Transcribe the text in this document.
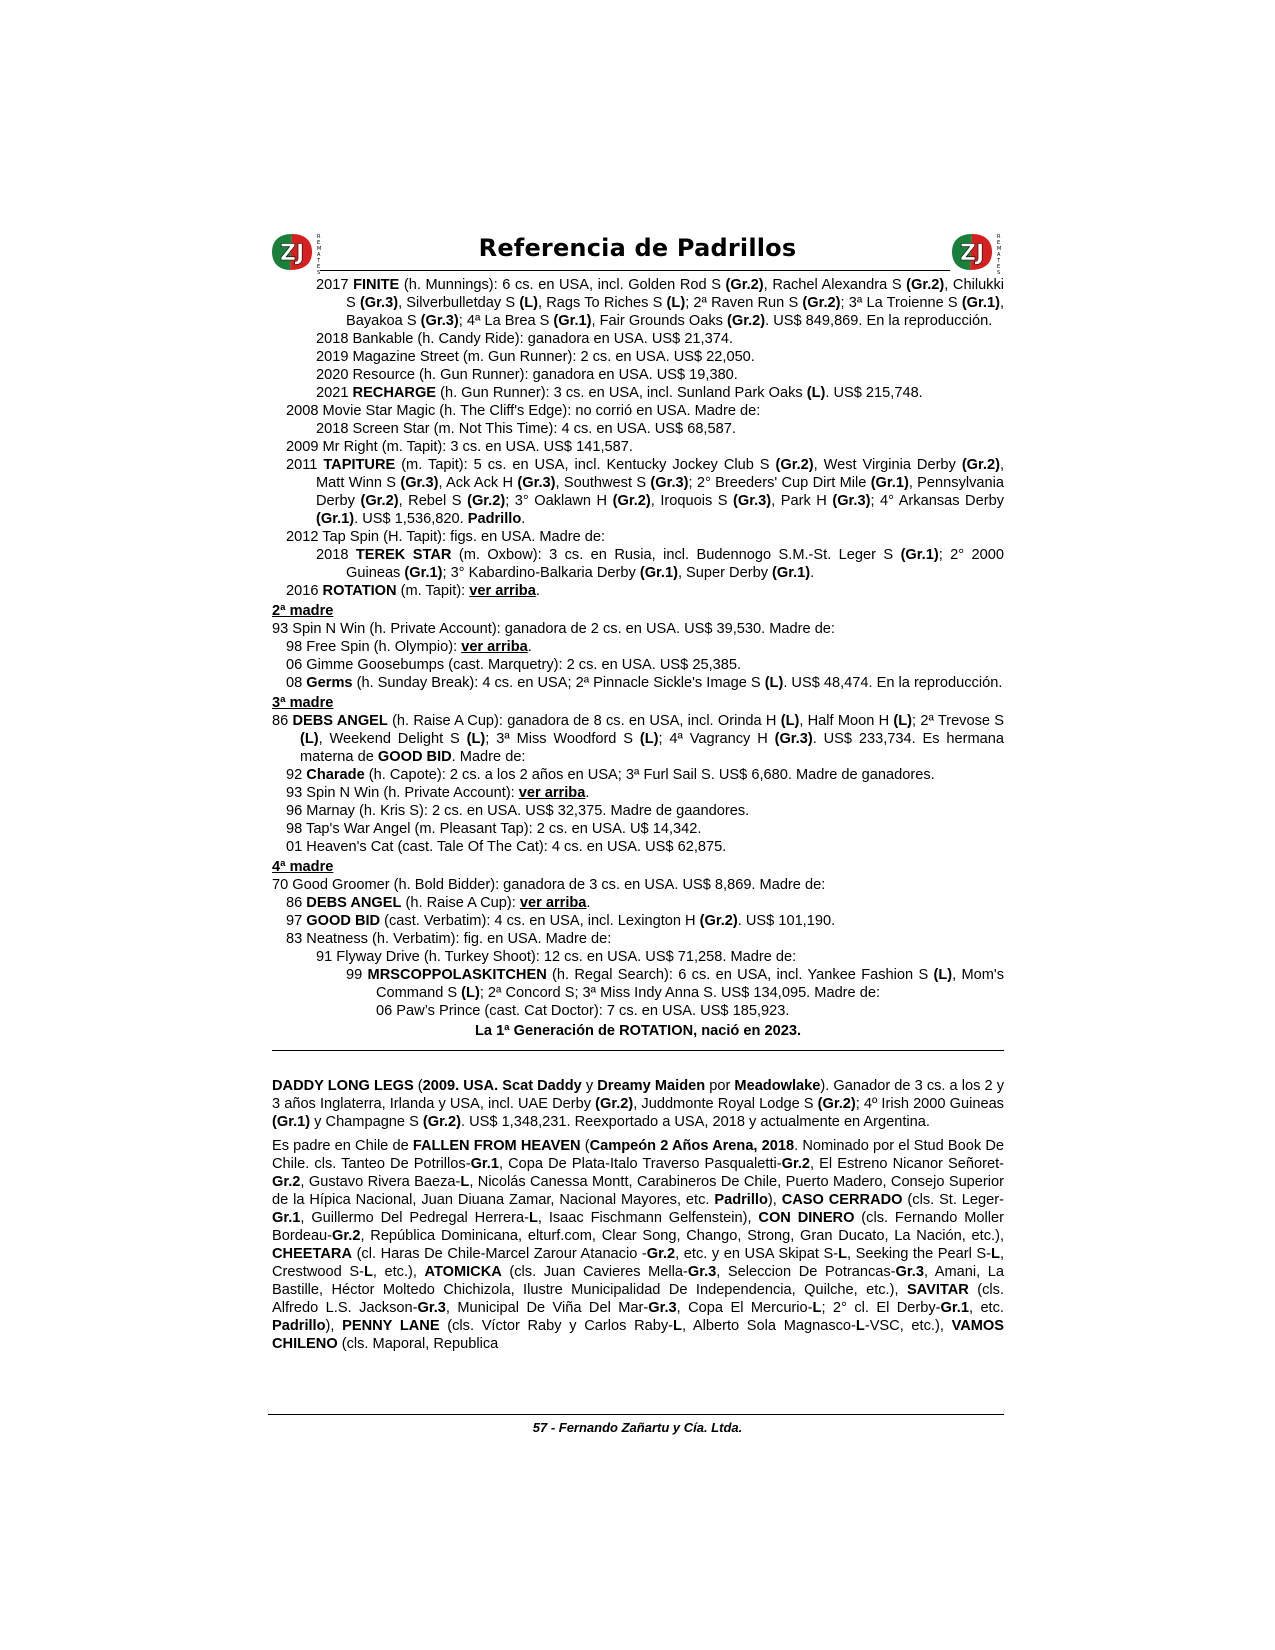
ZJ
R
E
M
A
T
E
S
ZJ
R
E
M
A
T
E
S
Referencia de Padrillos
2017 FINITE (h. Munnings): 6 cs. en USA, incl. Golden Rod S (Gr.2), Rachel Alexandra S (Gr.2), Chilukki S (Gr.3), Silverbulletday S (L), Rags To Riches S (L); 2ª Raven Run S (Gr.2); 3ª La Troienne S (Gr.1), Bayakoa S (Gr.3); 4ª La Brea S (Gr.1), Fair Grounds Oaks (Gr.2). US$ 849,869. En la reproducción.
2018 Bankable (h. Candy Ride): ganadora en USA. US$ 21,374.
2019 Magazine Street (m. Gun Runner): 2 cs. en USA. US$ 22,050.
2020 Resource (h. Gun Runner): ganadora en USA. US$ 19,380.
2021 RECHARGE (h. Gun Runner): 3 cs. en USA, incl. Sunland Park Oaks (L). US$ 215,748.
2008 Movie Star Magic (h. The Cliff's Edge): no corrió en USA. Madre de:
2018 Screen Star (m. Not This Time): 4 cs. en USA. US$ 68,587.
2009 Mr Right (m. Tapit): 3 cs. en USA. US$ 141,587.
2011 TAPITURE (m. Tapit): 5 cs. en USA, incl. Kentucky Jockey Club S (Gr.2), West Virginia Derby (Gr.2), Matt Winn S (Gr.3), Ack Ack H (Gr.3), Southwest S (Gr.3); 2° Breeders' Cup Dirt Mile (Gr.1), Pennsylvania Derby (Gr.2), Rebel S (Gr.2); 3° Oaklawn H (Gr.2), Iroquois S (Gr.3), Park H (Gr.3); 4° Arkansas Derby (Gr.1). US$ 1,536,820. Padrillo.
2012 Tap Spin (H. Tapit): figs. en USA. Madre de:
2018 TEREK STAR (m. Oxbow): 3 cs. en Rusia, incl. Budennogo S.M.-St. Leger S (Gr.1); 2° 2000 Guineas (Gr.1); 3° Kabardino-Balkaria Derby (Gr.1), Super Derby (Gr.1).
2016 ROTATION (m. Tapit): ver arriba.
2ª madre
93 Spin N Win (h. Private Account): ganadora de 2 cs. en USA. US$ 39,530. Madre de:
98 Free Spin (h. Olympio): ver arriba.
06 Gimme Goosebumps (cast. Marquetry): 2 cs. en USA. US$ 25,385.
08 Germs (h. Sunday Break): 4 cs. en USA; 2ª Pinnacle Sickle's Image S (L). US$ 48,474. En la reproducción.
3ª madre
86 DEBS ANGEL (h. Raise A Cup): ganadora de 8 cs. en USA, incl. Orinda H (L), Half Moon H (L); 2ª Trevose S (L), Weekend Delight S (L); 3ª Miss Woodford S (L); 4ª Vagrancy H (Gr.3). US$ 233,734. Es hermana materna de GOOD BID. Madre de:
92 Charade (h. Capote): 2 cs. a los 2 años en USA; 3ª Furl Sail S. US$ 6,680. Madre de ganadores.
93 Spin N Win (h. Private Account): ver arriba.
96 Marnay (h. Kris S): 2 cs. en USA. US$ 32,375. Madre de gaandores.
98 Tap's War Angel (m. Pleasant Tap): 2 cs. en USA. U$ 14,342.
01 Heaven's Cat (cast. Tale Of The Cat): 4 cs. en USA. US$ 62,875.
4ª madre
70 Good Groomer (h. Bold Bidder): ganadora de 3 cs. en USA. US$ 8,869. Madre de:
86 DEBS ANGEL (h. Raise A Cup): ver arriba.
97 GOOD BID (cast. Verbatim): 4 cs. en USA, incl. Lexington H (Gr.2). US$ 101,190.
83 Neatness (h. Verbatim): fig. en USA. Madre de:
91 Flyway Drive (h. Turkey Shoot): 12 cs. en USA. US$ 71,258. Madre de:
99 MRSCOPPOLASKITCHEN (h. Regal Search): 6 cs. en USA, incl. Yankee Fashion S (L), Mom's Command S (L); 2ª Concord S; 3ª Miss Indy Anna S. US$ 134,095. Madre de:
06 Paw’s Prince (cast. Cat Doctor): 7 cs. en USA. US$ 185,923.
La 1ª Generación de ROTATION, nació en 2023.
DADDY LONG LEGS (2009. USA. Scat Daddy y Dreamy Maiden por Meadowlake). Ganador de 3 cs. a los 2 y 3 años Inglaterra, Irlanda y USA, incl. UAE Derby (Gr.2), Juddmonte Royal Lodge S (Gr.2); 4º Irish 2000 Guineas (Gr.1) y Champagne S (Gr.2). US$ 1,348,231. Reexportado a USA, 2018 y actualmente en Argentina.
Es padre en Chile de FALLEN FROM HEAVEN (Campeón 2 Años Arena, 2018. Nominado por el Stud Book De Chile. cls. Tanteo De Potrillos-Gr.1, Copa De Plata-Italo Traverso Pasqualetti-Gr.2, El Estreno Nicanor Señoret-Gr.2, Gustavo Rivera Baeza-L, Nicolás Canessa Montt, Carabineros De Chile, Puerto Madero, Consejo Superior de la Hípica Nacional, Juan Diuana Zamar, Nacional Mayores, etc. Padrillo), CASO CERRADO (cls. St. Leger-Gr.1, Guillermo Del Pedregal Herrera-L, Isaac Fischmann Gelfenstein), CON DINERO (cls. Fernando Moller Bordeau-Gr.2, República Dominicana, elturf.com, Clear Song, Chango, Strong, Gran Ducato, La Nación, etc.), CHEETARA (cl. Haras De Chile-Marcel Zarour Atanacio -Gr.2, etc. y en USA Skipat S-L, Seeking the Pearl S-L, Crestwood S-L, etc.), ATOMICKA (cls. Juan Cavieres Mella-Gr.3, Seleccion De Potrancas-Gr.3, Amani, La Bastille, Héctor Moltedo Chichizola, Ilustre Municipalidad De Independencia, Quilche, etc.), SAVITAR (cls. Alfredo L.S. Jackson-Gr.3, Municipal De Viña Del Mar-Gr.3, Copa El Mercurio-L; 2° cl. El Derby-Gr.1, etc. Padrillo), PENNY LANE (cls. Víctor Raby y Carlos Raby-L, Alberto Sola Magnasco-L-VSC, etc.), VAMOS CHILENO (cls. Maporal, Republica
57 - Fernando Zañartu y Cía. Ltda.
